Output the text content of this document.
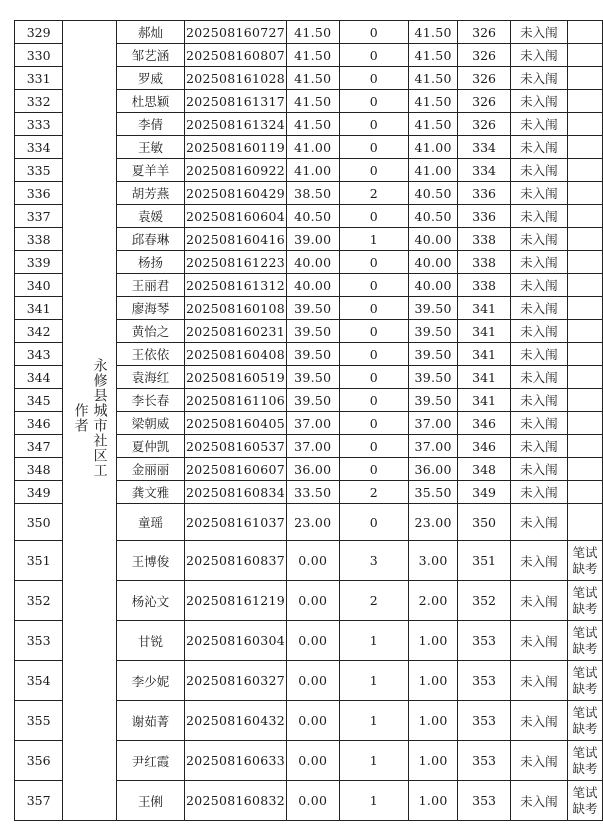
329	永修县城市社区工作者	郝灿	202508160727	41.50	0	41.50	326	未入闱	
330		邹艺涵	202508160807	41.50	0	41.50	326	未入闱	
331		罗威	202508161028	41.50	0	41.50	326	未入闱	
332		杜思颖	202508161317	41.50	0	41.50	326	未入闱	
333		李倩	202508161324	41.50	0	41.50	326	未入闱	
334		王敏	202508160119	41.00	0	41.00	334	未入闱	
335		夏羊羊	202508160922	41.00	0	41.00	334	未入闱	
336		胡芳燕	202508160429	38.50	2	40.50	336	未入闱	
337		袁媛	202508160604	40.50	0	40.50	336	未入闱	
338		邱春琳	202508160416	39.00	1	40.00	338	未入闱	
339		杨扬	202508161223	40.00	0	40.00	338	未入闱	
340		王丽君	202508161312	40.00	0	40.00	338	未入闱	
341		廖海琴	202508160108	39.50	0	39.50	341	未入闱	
342		黄怡之	202508160231	39.50	0	39.50	341	未入闱	
343		王依依	202508160408	39.50	0	39.50	341	未入闱	
344		袁海红	202508160519	39.50	0	39.50	341	未入闱	
345		李长春	202508161106	39.50	0	39.50	341	未入闱	
346		梁朝威	202508160405	37.00	0	37.00	346	未入闱	
347		夏仲凯	202508160537	37.00	0	37.00	346	未入闱	
348		金丽丽	202508160607	36.00	0	36.00	348	未入闱	
349		龚文雅	202508160834	33.50	2	35.50	349	未入闱	
350		童瑶	202508161037	23.00	0	23.00	350	未入闱	
351		王博俊	202508160837	0.00	3	3.00	351	未入闱	笔试缺考
352		杨沁文	202508161219	0.00	2	2.00	352	未入闱	笔试缺考
353		甘锐	202508160304	0.00	1	1.00	353	未入闱	笔试缺考
354		李少妮	202508160327	0.00	1	1.00	353	未入闱	笔试缺考
355		谢茹菁	202508160432	0.00	1	1.00	353	未入闱	笔试缺考
356		尹红霞	202508160633	0.00	1	1.00	353	未入闱	笔试缺考
357		王俐	202508160832	0.00	1	1.00	353	未入闱	笔试缺考
